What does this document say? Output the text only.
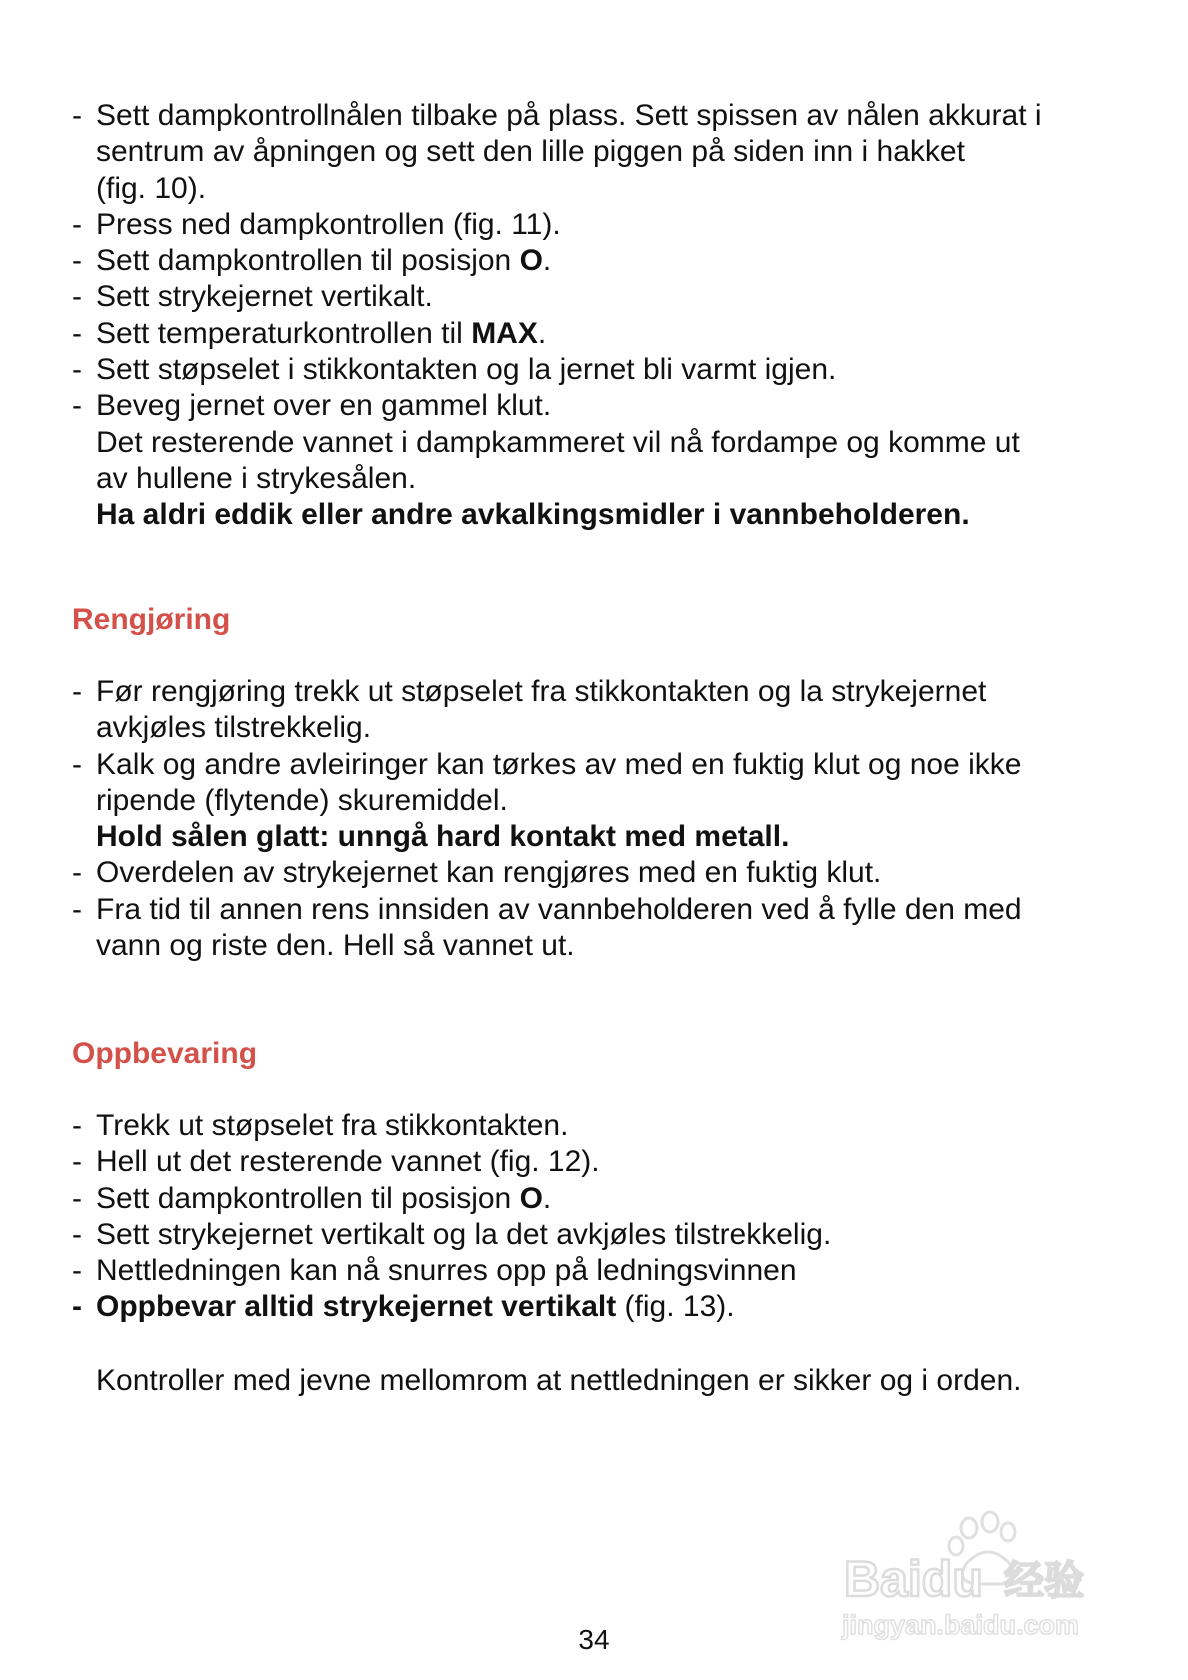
- Sett dampkontrollnålen tilbake på plass. Sett spissen av nålen akkurat i
sentrum av åpningen og sett den lille piggen på siden inn i hakket
(fig. 10).
- Press ned dampkontrollen (fig. 11).
- Sett dampkontrollen til posisjon O.
- Sett strykejernet vertikalt.
- Sett temperaturkontrollen til MAX.
- Sett støpselet i stikkontakten og la jernet bli varmt igjen.
- Beveg jernet over en gammel klut.
Det resterende vannet i dampkammeret vil nå fordampe og komme ut
av hullene i strykesålen.
Ha aldri eddik eller andre avkalkingsmidler i vannbeholderen.
Rengjøring
- Før rengjøring trekk ut støpselet fra stikkontakten og la strykejernet
avkjøles tilstrekkelig.
- Kalk og andre avleiringer kan tørkes av med en fuktig klut og noe ikke
ripende (flytende) skuremiddel.
Hold sålen glatt: unngå hard kontakt med metall.
- Overdelen av strykejernet kan rengjøres med en fuktig klut.
- Fra tid til annen rens innsiden av vannbeholderen ved å fylle den med
vann og riste den. Hell så vannet ut.
Oppbevaring
- Trekk ut støpselet fra stikkontakten.
- Hell ut det resterende vannet (fig. 12).
- Sett dampkontrollen til posisjon O.
- Sett strykejernet vertikalt og la det avkjøles tilstrekkelig.
- Nettledningen kan nå snurres opp på ledningsvinnen
- Oppbevar alltid strykejernet vertikalt (fig. 13).
Kontroller med jevne mellomrom at nettledningen er sikker og i orden.
34
Baidu 经验
jingyan.baidu.com
